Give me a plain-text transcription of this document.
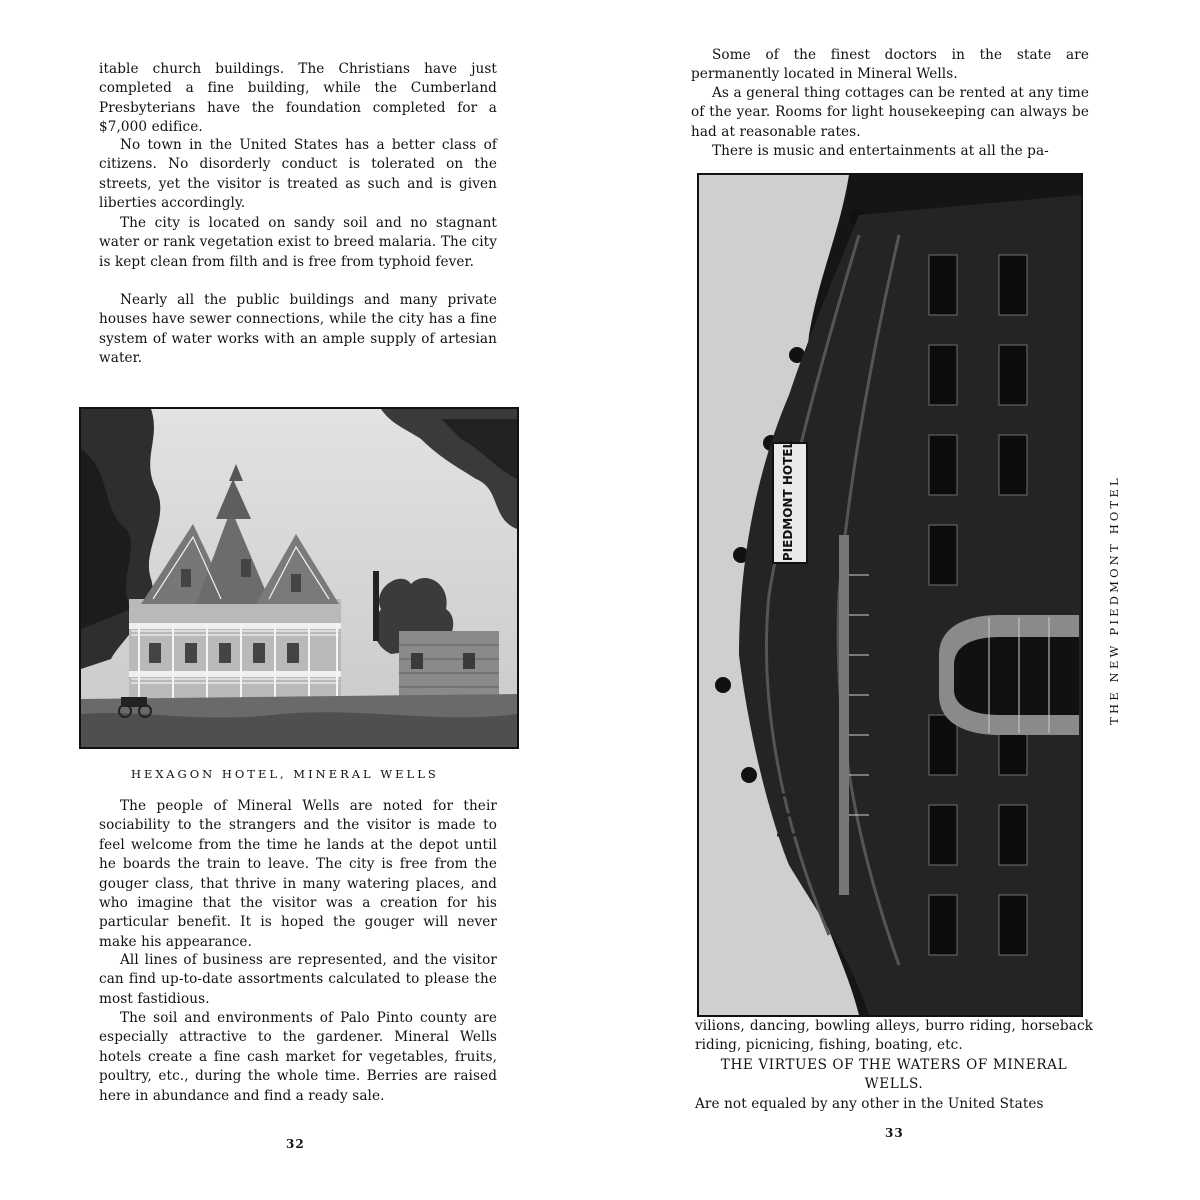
itable church buildings. The Christians have just completed a fine building, while the Cumberland Presbyterians have the foundation completed for a $7,000 edifice.

No town in the United States has a better class of citizens. No disorderly conduct is tolerated on the streets, yet the visitor is treated as such and is given liberties accordingly.

The city is located on sandy soil and no stagnant water or rank vegetation exist to breed malaria. The city is kept clean from filth and is free from typhoid fever.

Nearly all the public buildings and many private houses have sewer connections, while the city has a fine system of water works with an ample supply of artesian water.

HEXAGON HOTEL, MINERAL WELLS

The people of Mineral Wells are noted for their sociability to the strangers and the visitor is made to feel welcome from the time he lands at the depot until he boards the train to leave. The city is free from the gouger class, that thrive in many watering places, and who imagine that the visitor was a creation for his particular benefit. It is hoped the gouger will never make his appearance.

All lines of business are represented, and the visitor can find up-to-date assortments calculated to please the most fastidious.

The soil and environments of Palo Pinto county are especially attractive to the gardener. Mineral Wells hotels create a fine cash market for vegetables, fruits, poultry, etc., during the whole time. Berries are raised here in abundance and find a ready sale.

32

Some of the finest doctors in the state are permanently located in Mineral Wells.

As a general thing cottages can be rented at any time of the year. Rooms for light housekeeping can always be had at reasonable rates.

There is music and entertainments at all the pa-

PIEDMONT HOTEL

vilions, dancing, bowling alleys, burro riding, horseback riding, picnicing, fishing, boating, etc.

THE VIRTUES OF THE WATERS OF MINERAL WELLS.

Are not equaled by any other in the United States

33

THE NEW PIEDMONT HOTEL
